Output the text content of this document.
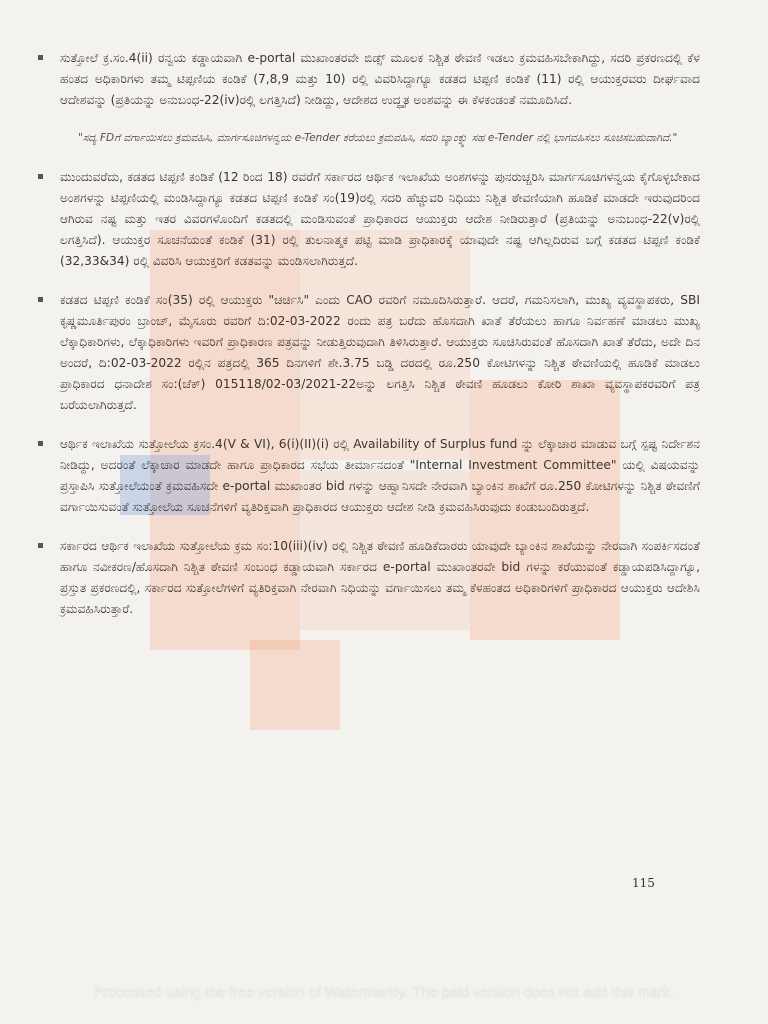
ಸುತ್ತೋಲೆ ಕ್ರ.ಸಂ.4(ii) ರನ್ವಯ ಕಡ್ಡಾಯವಾಗಿ e-portal ಮುಖಾಂತರವೇ ಬಿಡ್ಸ್ ಮೂಲಕ ನಿಶ್ಚಿತ ಠೇವಣಿ ಇಡಲು ಕ್ರಮವಹಿಸಬೇಕಾಗಿದ್ದು, ಸದರಿ ಪ್ರಕರಣದಲ್ಲಿ ಕೆಳ ಹಂತದ ಅಧಿಕಾರಿಗಳು ತಮ್ಮ ಟಿಪ್ಪಣಿಯ ಕಂಡಿಕೆ (7,8,9 ಮತ್ತು 10) ರಲ್ಲಿ ವಿವರಿಸಿದ್ದಾಗ್ಯೂ ಕಡತದ ಟಿಪ್ಪಣಿ ಕಂಡಿಕೆ (11) ರಲ್ಲಿ ಆಯುಕ್ತರವರು ದೀರ್ಘವಾದ ಆದೇಶವನ್ನು (ಪ್ರತಿಯನ್ನು ಅನುಬಂಧ-22(iv)ರಲ್ಲಿ ಲಗತ್ತಿಸಿದೆ) ನೀಡಿದ್ದು, ಆದೇಶದ ಉದ್ಧೃತ ಅಂಶವನ್ನು ಈ ಕೆಳಕಂಡಂತೆ ನಮೂದಿಸಿದೆ.
"ಸದ್ಯ FDಗೆ ವರ್ಗಾಯಿಸಲು ಕ್ರಮವಹಿಸಿ, ಮಾರ್ಗಸೂಚಿಗಳನ್ವಯ e-Tender ಕರೆಯಲು ಕ್ರಮವಹಿಸಿ, ಸದರಿ ಬ್ಯಾಂಕ್ನ್ನು ಸಹ e-Tender ನಲ್ಲಿ ಭಾಗವಹಿಸಲು ಸೂಚಿಸಬಹುದಾಗಿದೆ."
ಮುಂದುವರೆದು, ಕಡತದ ಟಿಪ್ಪಣಿ ಕಂಡಿಕೆ (12 ರಿಂದ 18) ರವರೆಗೆ ಸರ್ಕಾರದ ಆರ್ಥಿಕ ಇಲಾಖೆಯ ಅಂಶಗಳನ್ನು ಪುನರುಚ್ಚರಿಸಿ ಮಾರ್ಗಸೂಚಿಗಳನ್ವಯ ಕೈಗೊಳ್ಳಬೇಕಾದ ಅಂಶಗಳನ್ನು ಟಿಪ್ಪಣಿಯಲ್ಲಿ ಮಂಡಿಸಿದ್ದಾಗ್ಯೂ ಕಡತದ ಟಿಪ್ಪಣಿ ಕಂಡಿಕೆ ಸಂ(19)ರಲ್ಲಿ ಸದರಿ ಹೆಚ್ಚುವರಿ ನಿಧಿಯು ನಿಶ್ಚಿತ ಠೇವಣಿಯಾಗಿ ಹೂಡಿಕೆ ಮಾಡದೇ ಇರುವುದರಿಂದ ಆಗಿರುವ ನಷ್ಟ ಮತ್ತು ಇತರ ವಿವರಗಳೊಂದಿಗೆ ಕಡತದಲ್ಲಿ ಮಂಡಿಸುವಂತೆ ಪ್ರಾಧಿಕಾರದ ಆಯುಕ್ತರು ಆದೇಶ ನೀಡಿರುತ್ತಾರೆ (ಪ್ರತಿಯನ್ನು ಅನುಬಂಧ-22(v)ರಲ್ಲಿ ಲಗತ್ತಿಸಿದೆ). ಆಯುಕ್ತರ ಸೂಚನೆಯಂತೆ ಕಂಡಿಕೆ (31) ರಲ್ಲಿ ತುಲನಾತ್ಮಕ ಪಟ್ಟಿ ಮಾಡಿ ಪ್ರಾಧಿಕಾರಕ್ಕೆ ಯಾವುದೇ ನಷ್ಟ ಆಗಿಲ್ಲದಿರುವ ಬಗ್ಗೆ ಕಡತದ ಟಿಪ್ಪಣಿ ಕಂಡಿಕೆ (32,33&34) ರಲ್ಲಿ ವಿವರಿಸಿ ಆಯುಕ್ತರಿಗೆ ಕಡತವನ್ನು ಮಂಡಿಸಲಾಗಿರುತ್ತದೆ.
ಕಡತದ ಟಿಪ್ಪಣಿ ಕಂಡಿಕೆ ಸಂ(35) ರಲ್ಲಿ ಆಯುಕ್ತರು "ಚರ್ಚಿಸಿ" ಎಂದು CAO ರವರಿಗೆ ನಮೂದಿಸಿರುತ್ತಾರೆ. ಆದರೆ, ಗಮನಿಸಲಾಗಿ, ಮುಖ್ಯ ವ್ಯವಸ್ಥಾಪಕರು, SBI ಕೃಷ್ಣಮೂರ್ತಿಪುರಂ ಬ್ರಾಂಚ್, ಮೈಸೂರು ರವರಿಗೆ ದಿ:02-03-2022 ರಂದು ಪತ್ರ ಬರೆದು ಹೊಸದಾಗಿ ಖಾತೆ ತೆರೆಯಲು ಹಾಗೂ ನಿರ್ವಹಣೆ ಮಾಡಲು ಮುಖ್ಯ ಲೆಕ್ಕಾಧಿಕಾರಿಗಳು, ಲೆಕ್ಕಾಧಿಕಾರಿಗಳು ಇವರಿಗೆ ಪ್ರಾಧಿಕಾರಣ ಪತ್ರವನ್ನು ನೀಡುತ್ತಿರುವುದಾಗಿ ತಿಳಿಸಿರುತ್ತಾರೆ. ಆಯುಕ್ತರು ಸೂಚಿಸಿರುವಂತೆ ಹೊಸದಾಗಿ ಖಾತೆ ತೆರೆದು, ಅದೇ ದಿನ ಅಂದರೆ, ದಿ:02-03-2022 ರಲ್ಲಿನ ಪತ್ರದಲ್ಲಿ 365 ದಿನಗಳಿಗೆ ಶೇ.3.75 ಬಡ್ಡಿ ದರದಲ್ಲಿ ರೂ.250 ಕೋಟಿಗಳನ್ನು ನಿಶ್ಚಿತ ಠೇವಣಿಯಲ್ಲಿ ಹೂಡಿಕೆ ಮಾಡಲು ಪ್ರಾಧಿಕಾರದ ಧನಾದೇಶ ಸಂ:(ಚೆಕ್) 015118/02-03/2021-22ಅನ್ನು ಲಗತ್ತಿಸಿ ನಿಶ್ಚಿತ ಠೇವಣಿ ಹೂಡಲು ಕೋರಿ ಶಾಖಾ ವ್ಯವಸ್ಥಾಪಕರವರಿಗೆ ಪತ್ರ ಬರೆಯಲಾಗಿರುತ್ತದೆ.
ಆರ್ಥಿಕ ಇಲಾಖೆಯ ಸುತ್ತೋಲೆಯ ಕ್ರಸಂ.4(V & VI), 6(i)(II)(i) ರಲ್ಲಿ Availability of Surplus fund ನ್ನು ಲೆಕ್ಕಾಚಾರ ಮಾಡುವ ಬಗ್ಗೆ ಸ್ಪಷ್ಟ ನಿರ್ದೇಶನ ನೀಡಿದ್ದು, ಅದರಂತೆ ಲೆಕ್ಕಾಚಾರ ಮಾಡದೇ ಹಾಗೂ ಪ್ರಾಧಿಕಾರದ ಸಭೆಯ ತೀರ್ಮಾನದಂತೆ "Internal Investment Committee" ಯಲ್ಲಿ ವಿಷಯವನ್ನು ಪ್ರಸ್ತಾಪಿಸಿ ಸುತ್ತೋಲೆಯಂತೆ ಕ್ರಮವಹಿಸದೇ e-portal ಮುಖಾಂತರ bid ಗಳನ್ನು ಆಹ್ವಾನಿಸದೇ ನೇರವಾಗಿ ಬ್ಯಾಂಕಿನ ಶಾಖೆಗೆ ರೂ.250 ಕೋಟಿಗಳನ್ನು ನಿಶ್ಚಿತ ಠೇವಣಿಗೆ ವರ್ಗಾಯಿಸುವಂತೆ ಸುತ್ತೋಲೆಯ ಸೂಚನೆಗಳಿಗೆ ವ್ಯತಿರಿಕ್ತವಾಗಿ ಪ್ರಾಧಿಕಾರದ ಆಯುಕ್ತರು ಆದೇಶ ನೀಡಿ ಕ್ರಮವಹಿಸಿರುವುದು ಕಂಡುಬಂದಿರುತ್ತದೆ.
ಸರ್ಕಾರದ ಆರ್ಥಿಕ ಇಲಾಖೆಯ ಸುತ್ತೋಲೆಯ ಕ್ರಮ ಸಂ:10(iii)(iv) ರಲ್ಲಿ ನಿಶ್ಚಿತ ಠೇವಣಿ ಹೂಡಿಕೆದಾರರು ಯಾವುದೇ ಬ್ಯಾಂಕಿನ ಶಾಖೆಯನ್ನು ನೇರವಾಗಿ ಸಂಪರ್ಕಿಸದಂತೆ ಹಾಗೂ ನವೀಕರಣ/ಹೊಸದಾಗಿ ನಿಶ್ಚಿತ ಠೇವಣಿ ಸಂಬಂಧ ಕಡ್ಡಾಯವಾಗಿ ಸರ್ಕಾರದ e-portal ಮುಖಾಂತರವೇ bid ಗಳನ್ನು ಕರೆಯುವಂತೆ ಕಡ್ಡಾಯಪಡಿಸಿದ್ದಾಗ್ಯೂ, ಪ್ರಸ್ತುತ ಪ್ರಕರಣದಲ್ಲಿ, ಸರ್ಕಾರದ ಸುತ್ತೋಲೆಗಳಿಗೆ ವ್ಯತಿರಿಕ್ತವಾಗಿ ನೇರವಾಗಿ ನಿಧಿಯನ್ನು ವರ್ಗಾಯಿಸಲು ತಮ್ಮ ಕೆಳಹಂತದ ಅಧಿಕಾರಿಗಳಿಗೆ ಪ್ರಾಧಿಕಾರದ ಆಯುಕ್ತರು ಆದೇಶಿಸಿ ಕ್ರಮವಹಿಸಿರುತ್ತಾರೆ.
115
Processed using the free version of Watermarkly. The paid version does not add this mark.
